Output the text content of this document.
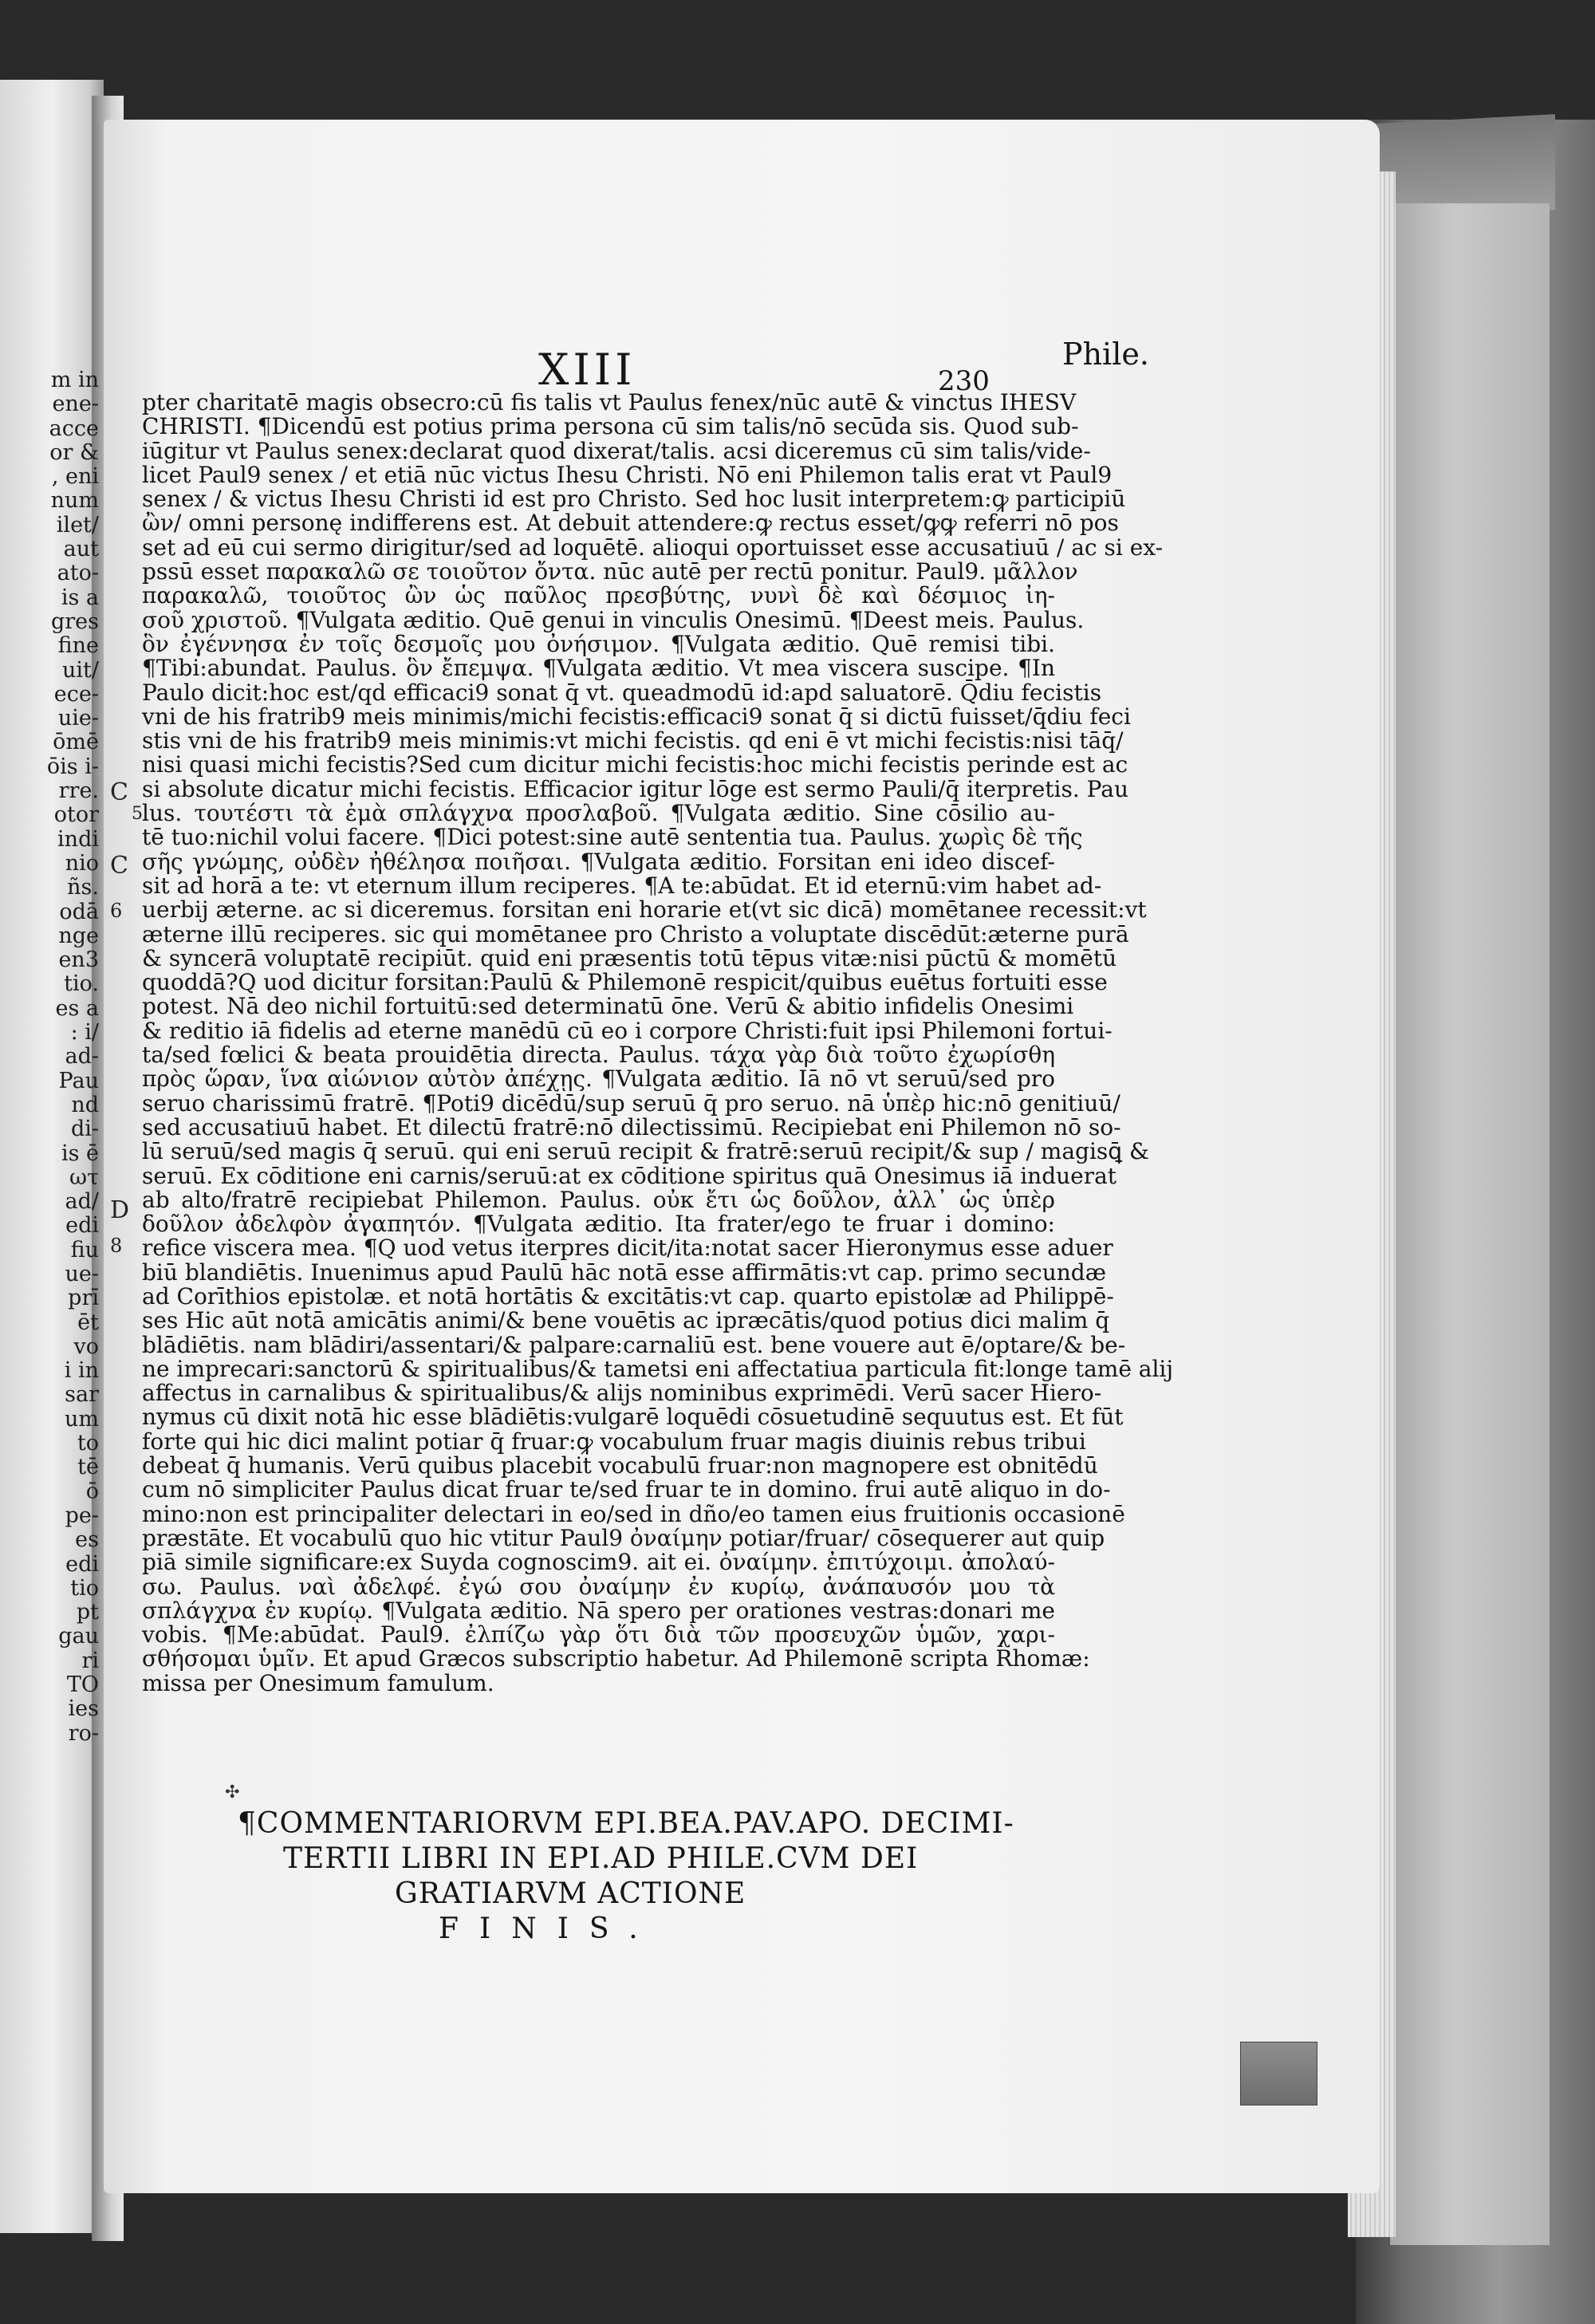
m in
ene-
acce
or &
, eni
num
ilet/
aut
ato-
is a
gres
fine
uit/
ece-
uie-
ōmē
ōis i-
rre.
otor
indi
nio
ñs.
odā
nge
en3
tio.
es a
: i/
ad-
Pau
nd
di-
is ē
ωτ
ad/
edi
fiu
ue-
prī
ēt
vo
i in
sar
um
to
tē
ō
pe-
es
edi
tio
pt
gau
ri
TO
ies
ro-
XIII	230
Phile.
C
5
C
6
D
8
pter charitatē magis obsecro:cū fis talis vt Paulus fenex/nūc autē & vinctus IHESV
CHRISTI. ¶Dicendū est potius prima persona cū sim talis/nō secūda sis. Quod sub-
iūgitur vt Paulus senex:declarat quod dixerat/talis. acsi diceremus cū sim talis/vide-
licet Paul9 senex / et etiā nūc victus Ihesu Christi. Nō eni Philemon talis erat vt Paul9
senex / & victus Ihesu Christi id est pro Christo. Sed hoc lusit interpretem:ꝙ participiū
ὢν/ omni personę indifferens est. At debuit attendere:ꝙ rectus esset/ꝙꝙ referri nō pos
set ad eū cui sermo dirigitur/sed ad loquētē. alioqui oportuisset esse accusatiuū / ac si ex-
pssū esset παρακαλῶ σε τοιοῦτον ὄντα. nūc autē per rectū ponitur. Paul9. μᾶλλον
παρακαλῶ, τοιοῦτος ὢν ὡς παῦλος πρεσβύτης, νυνὶ δὲ καὶ δέσμιος ἰη-
σοῦ χριστοῦ. ¶Vulgata æditio. Quē genui in vinculis Onesimū. ¶Deest meis. Paulus.
ὃν ἐγέννησα ἐν τοῖς δεσμοῖς μου ὀνήσιμον. ¶Vulgata æditio. Quē remisi tibi.
¶Tibi:abundat. Paulus. ὃν ἔπεμψα. ¶Vulgata æditio. Vt mea viscera suscipe. ¶In
Paulo dicit:hoc est/qd efficaci9 sonat q̄ vt. queadmodū id:apd saluatorē. Q̄diu fecistis
vni de his fratrib9 meis minimis/michi fecistis:efficaci9 sonat q̄ si dictū fuisset/q̄diu feci
stis vni de his fratrib9 meis minimis:vt michi fecistis. qd eni ē vt michi fecistis:nisi tāq̄/
nisi quasi michi fecistis?Sed cum dicitur michi fecistis:hoc michi fecistis perinde est ac
si absolute dicatur michi fecistis. Efficacior igitur lōge est sermo Pauli/q̄ iterpretis. Pau
lus. τουτέστι τὰ ἐμὰ σπλάγχνα προσλαβοῦ. ¶Vulgata æditio. Sine cōsilio au-
tē tuo:nichil volui facere. ¶Dici potest:sine autē sententia tua. Paulus. χωρὶς δὲ τῆς
σῆς γνώμης, οὐδὲν ἠθέλησα ποιῆσαι. ¶Vulgata æditio. Forsitan eni ideo discef-
sit ad horā a te: vt eternum illum reciperes. ¶A te:abūdat. Et id eternū:vim habet ad-
uerbij æterne. ac si diceremus. forsitan eni horarie et(vt sic dicā) momētanee recessit:vt
æterne illū reciperes. sic qui momētanee pro Christo a voluptate discēdūt:æterne purā
& syncerā voluptatē recipiūt. quid eni præsentis totū tēpus vitæ:nisi pūctū & momētū
quoddā?Q uod dicitur forsitan:Paulū & Philemonē respicit/quibus euētus fortuiti esse
potest. Nā deo nichil fortuitū:sed determinatū ōne. Verū & abitio infidelis Onesimi
& reditio iā fidelis ad eterne manēdū cū eo i corpore Christi:fuit ipsi Philemoni fortui-
ta/sed fœlici & beata prouidētia directa. Paulus. τάχα γὰρ διὰ τοῦτο ἐχωρίσθη
πρὸς ὥραν, ἵνα αἰώνιον αὐτὸν ἀπέχῃς. ¶Vulgata æditio. Iā nō vt seruū/sed pro
seruo charissimū fratrē. ¶Poti9 dicēdū/sup seruū q̄ pro seruo. nā ὑπὲρ hic:nō genitiuū/
sed accusatiuū habet. Et dilectū fratrē:nō dilectissimū. Recipiebat eni Philemon nō so-
lū seruū/sed magis q̄ seruū. qui eni seruū recipit & fratrē:seruū recipit/& sup / magisꝗ̄ &
seruū. Ex cōditione eni carnis/seruū:at ex cōditione spiritus quā Onesimus iā induerat
ab alto/fratrē recipiebat Philemon. Paulus. οὐκ ἔτι ὡς δοῦλον, ἀλλ᾽ ὡς ὑπὲρ
δοῦλον ἀδελφὸν ἀγαπητόν. ¶Vulgata æditio. Ita frater/ego te fruar i domino:
refice viscera mea. ¶Q uod vetus iterpres dicit/ita:notat sacer Hieronymus esse aduer
biū blandiētis. Inuenimus apud Paulū hāc notā esse affirmātis:vt cap. primo secundæ
ad Corīthios epistolæ. et notā hortātis & excitātis:vt cap. quarto epistolæ ad Philippē-
ses Hic aūt notā amicātis animi/& bene vouētis ac ipræcātis/quod potius dici malim q̄
blādiētis. nam blādiri/assentari/& palpare:carnaliū est. bene vouere aut ē/optare/& be-
ne imprecari:sanctorū & spiritualibus/& tametsi eni affectatiua particula fit:longe tamē alij
affectus in carnalibus & spiritualibus/& alijs nominibus exprimēdi. Verū sacer Hiero-
nymus cū dixit notā hic esse blādiētis:vulgarē loquēdi cōsuetudinē sequutus est. Et fūt
forte qui hic dici malint potiar q̄ fruar:ꝙ vocabulum fruar magis diuinis rebus tribui
debeat q̄ humanis. Verū quibus placebit vocabulū fruar:non magnopere est obnitēdū
cum nō simpliciter Paulus dicat fruar te/sed fruar te in domino. frui autē aliquo in do-
mino:non est principaliter delectari in eo/sed in dño/eo tamen eius fruitionis occasionē
præstāte. Et vocabulū quo hic vtitur Paul9 ὀναίμην potiar/fruar/ cōsequerer aut quip
piā simile significare:ex Suyda cognoscim9. ait ei. ὀναίμην. ἐπιτύχοιμι. ἀπολαύ-
σω. Paulus. ναὶ ἀδελφέ. ἐγώ σου ὀναίμην ἐν κυρίῳ, ἀνάπαυσόν μου τὰ
σπλάγχνα ἐν κυρίῳ. ¶Vulgata æditio. Nā spero per orationes vestras:donari me
vobis. ¶Me:abūdat. Paul9. ἐλπίζω γὰρ ὅτι διὰ τῶν προσευχῶν ὑμῶν, χαρι-
σθήσομαι ὑμῖν. Et apud Græcos subscriptio habetur. Ad Philemonē scripta Rhomæ:
missa per Onesimum famulum.
✣
¶COMMENTARIORVM EPI.BEA.PAV.APO. DECIMI-
TERTII LIBRI IN EPI.AD PHILE.CVM DEI
GRATIARVM ACTIONE
FINIS.
